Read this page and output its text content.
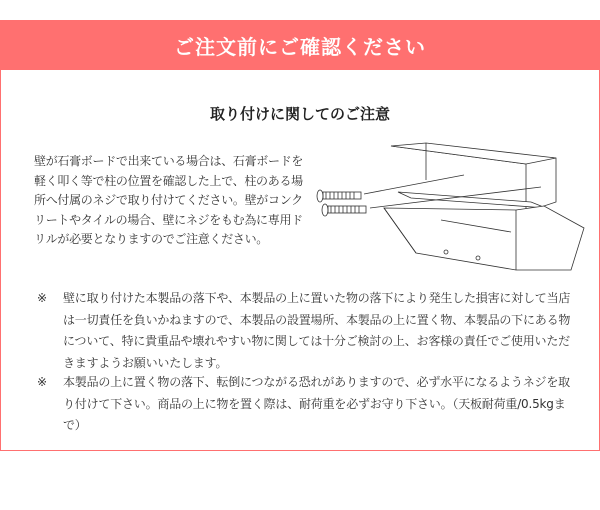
ご注文前にご確認ください
取り付けに関してのご注意
壁が石膏ボードで出来ている場合は、石膏ボードを軽く叩く等で柱の位置を確認した上で、柱のある場所へ付属のネジで取り付けてください。壁がコンクリートやタイルの場合、壁にネジをもむ為に専用ドリルが必要となりますのでご注意ください。
※	壁に取り付けた本製品の落下や、本製品の上に置いた物の落下により発生した損害に対して当店は一切責任を負いかねますので、本製品の設置場所、本製品の上に置く物、本製品の下にある物について、特に貴重品や壊れやすい物に関しては十分ご検討の上、お客様の責任でご使用いただきますようお願いいたします。
※	本製品の上に置く物の落下、転倒につながる恐れがありますので、必ず水平になるようネジを取り付けて下さい。商品の上に物を置く際は、耐荷重を必ずお守り下さい。（天板耐荷重/0.5kgまで）
